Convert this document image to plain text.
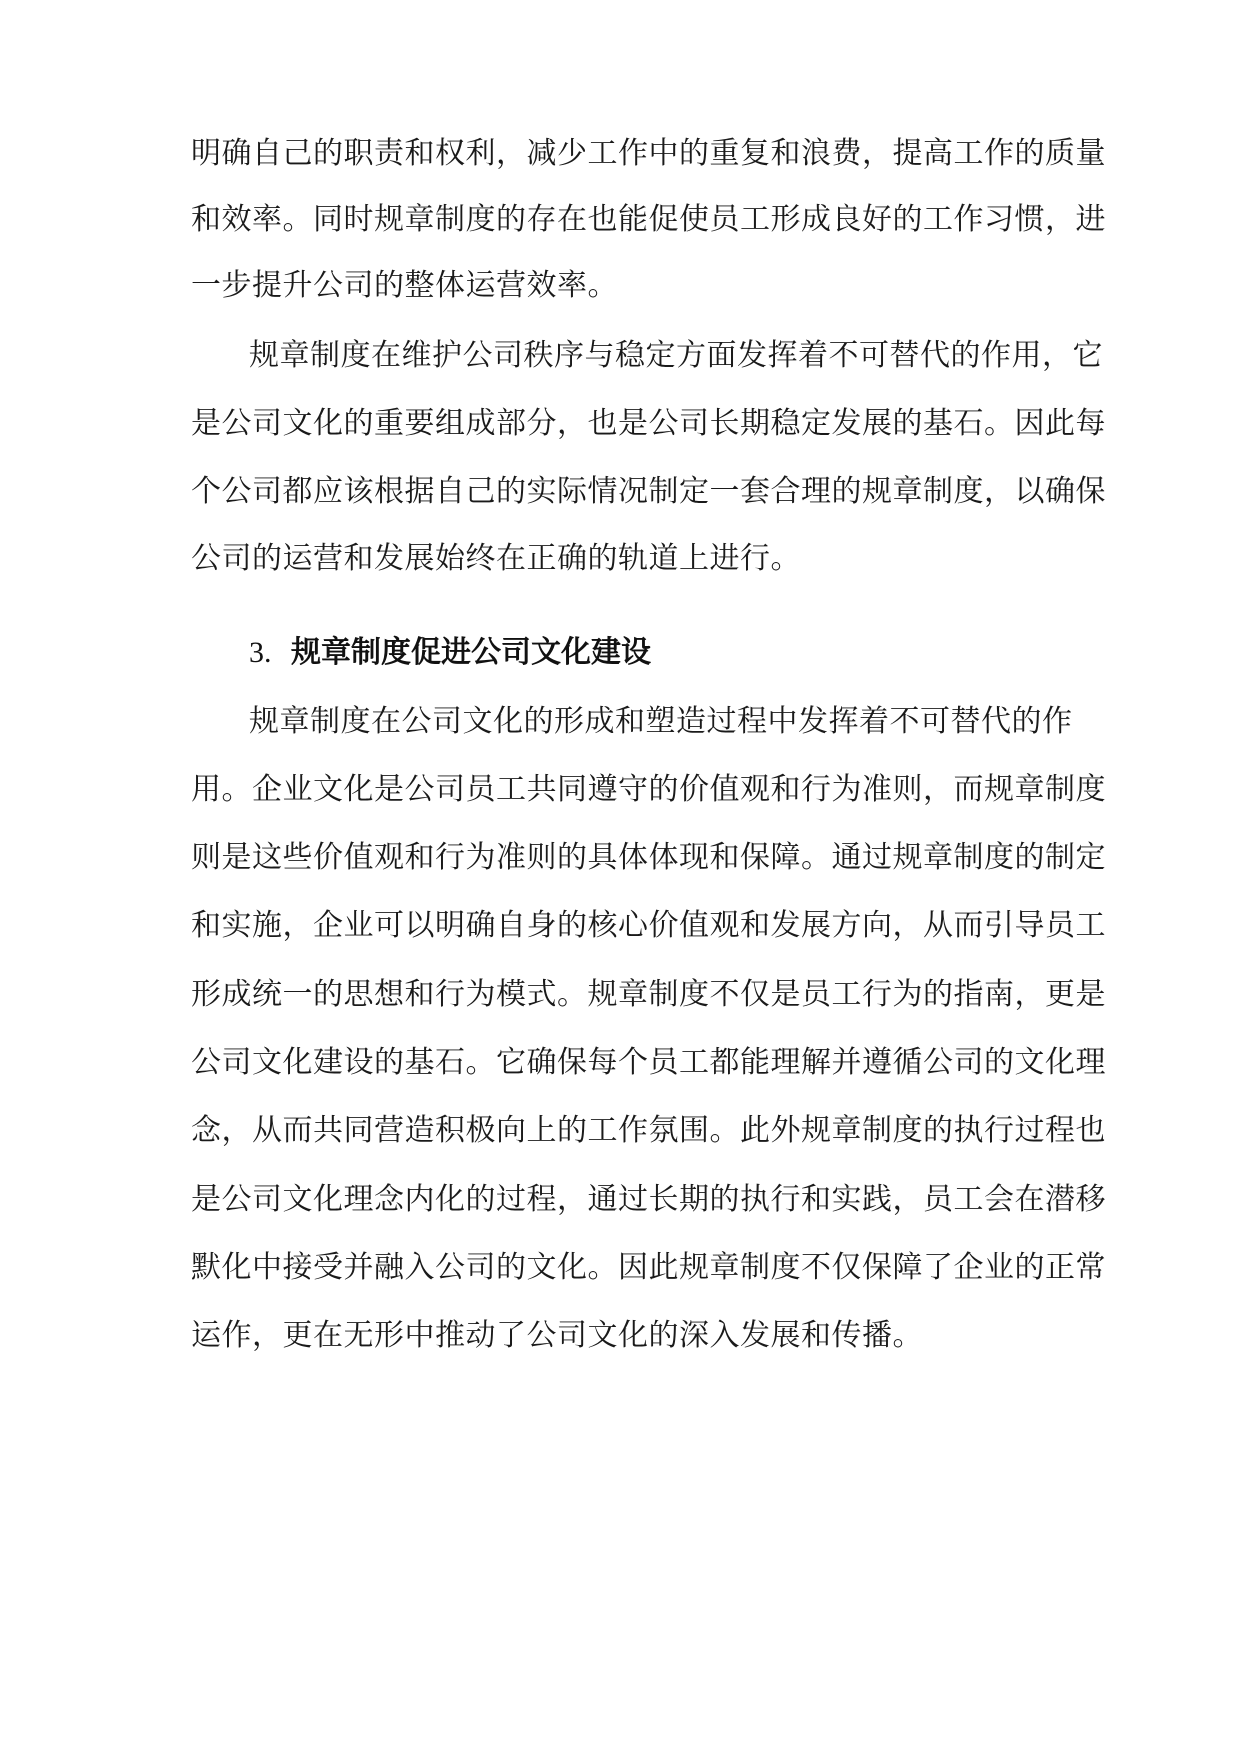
明确自己的职责和权利，减少工作中的重复和浪费，提高工作的质量
和效率。同时规章制度的存在也能促使员工形成良好的工作习惯，进
一步提升公司的整体运营效率。
规章制度在维护公司秩序与稳定方面发挥着不可替代的作用，它
是公司文化的重要组成部分，也是公司长期稳定发展的基石。因此每
个公司都应该根据自己的实际情况制定一套合理的规章制度，以确保
公司的运营和发展始终在正确的轨道上进行。
3. 规章制度促进公司文化建设
规章制度在公司文化的形成和塑造过程中发挥着不可替代的作
用。企业文化是公司员工共同遵守的价值观和行为准则，而规章制度
则是这些价值观和行为准则的具体体现和保障。通过规章制度的制定
和实施，企业可以明确自身的核心价值观和发展方向，从而引导员工
形成统一的思想和行为模式。规章制度不仅是员工行为的指南，更是
公司文化建设的基石。它确保每个员工都能理解并遵循公司的文化理
念，从而共同营造积极向上的工作氛围。此外规章制度的执行过程也
是公司文化理念内化的过程，通过长期的执行和实践，员工会在潜移
默化中接受并融入公司的文化。因此规章制度不仅保障了企业的正常
运作，更在无形中推动了公司文化的深入发展和传播。
